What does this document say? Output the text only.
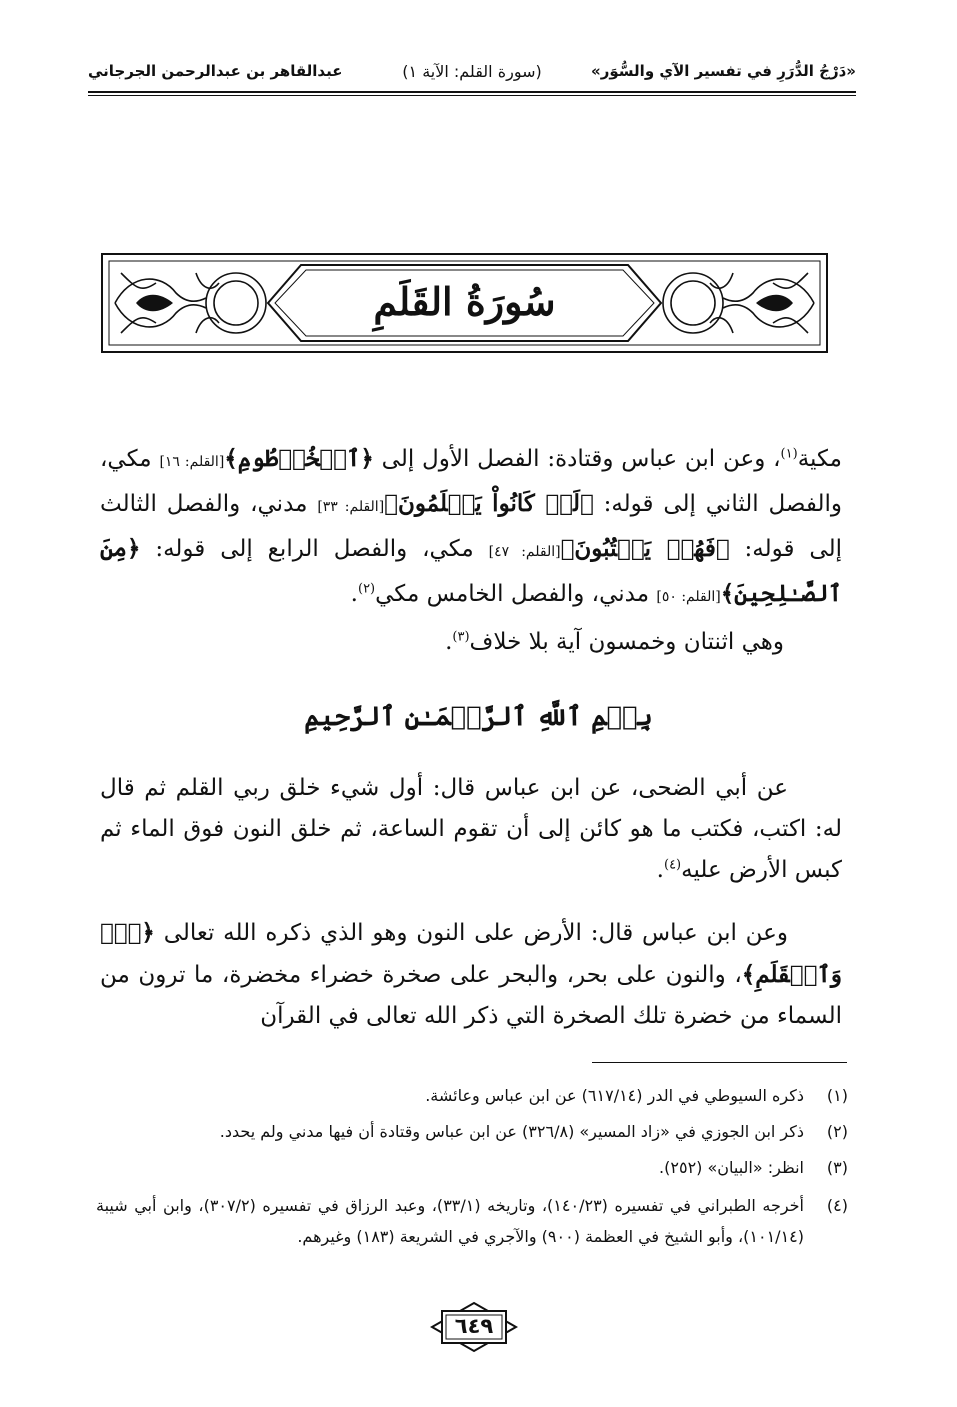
«دَرْجُ الدُّرَرِ في تفسير الآي والسُّوَر»
(سورة القلم: الآية ١)
عبدالقاهر بن عبدالرحمن الجرجاني
سُورَةُ القَلَمِ
مكية$^{(١)}$، وعن ابن عباس وقتادة: الفصل الأول إلى ﴿ٱلۡخُرۡطُومِ﴾[القلم: ١٦] مكي، والفصل الثاني إلى قوله: ﴿لَوۡ كَانُواْ يَعۡلَمُونَ﴾[القلم: ٣٣] مدني، والفصل الثالث إلى قوله: ﴿فَهُمۡ يَكۡتُبُونَ﴾[القلم: ٤٧] مكي، والفصل الرابع إلى قوله: ﴿مِنَ ٱلصَّـٰلِحِينَ﴾[القلم: ٥٠] مدني، والفصل الخامس مكي$^{(٢)}$.
وهي اثنتان وخمسون آية بلا خلاف$^{(٣)}$.
بِسۡمِ ٱللَّهِ ٱلرَّحۡمَـٰنِ ٱلرَّحِيمِ
عن أبي الضحى، عن ابن عباس قال: أول شيء خلق ربي القلم ثم قال له: اكتب، فكتب ما هو كائن إلى أن تقوم الساعة، ثم خلق النون فوق الماء ثم كبس الأرض عليه$^{(٤)}$.
وعن ابن عباس قال: الأرض على النون وهو الذي ذكره الله تعالى ﴿نٓۚ وَٱلۡقَلَمِ﴾، والنون على بحر، والبحر على صخرة خضراء مخضرة، ما ترون من السماء من خضرة تلك الصخرة التي ذكر الله تعالى في القرآن
(١)
ذكره السيوطي في الدر (٦١٧/١٤) عن ابن عباس وعائشة.
(٢)
ذكر ابن الجوزي في «زاد المسير» (٣٢٦/٨) عن ابن عباس وقتادة أن فيها مدني ولم يحدد.
(٣)
انظر: «البيان» (٢٥٢).
(٤)
أخرجه الطبراني في تفسيره (١٤٠/٢٣)، وتاريخه (٣٣/١)، وعبد الرزاق في تفسيره (٣٠٧/٢)، وابن أبي شيبة (١٠١/١٤)، وأبو الشيخ في العظمة (٩٠٠) والآجري في الشريعة (١٨٣) وغيرهم.
٦٤٩
